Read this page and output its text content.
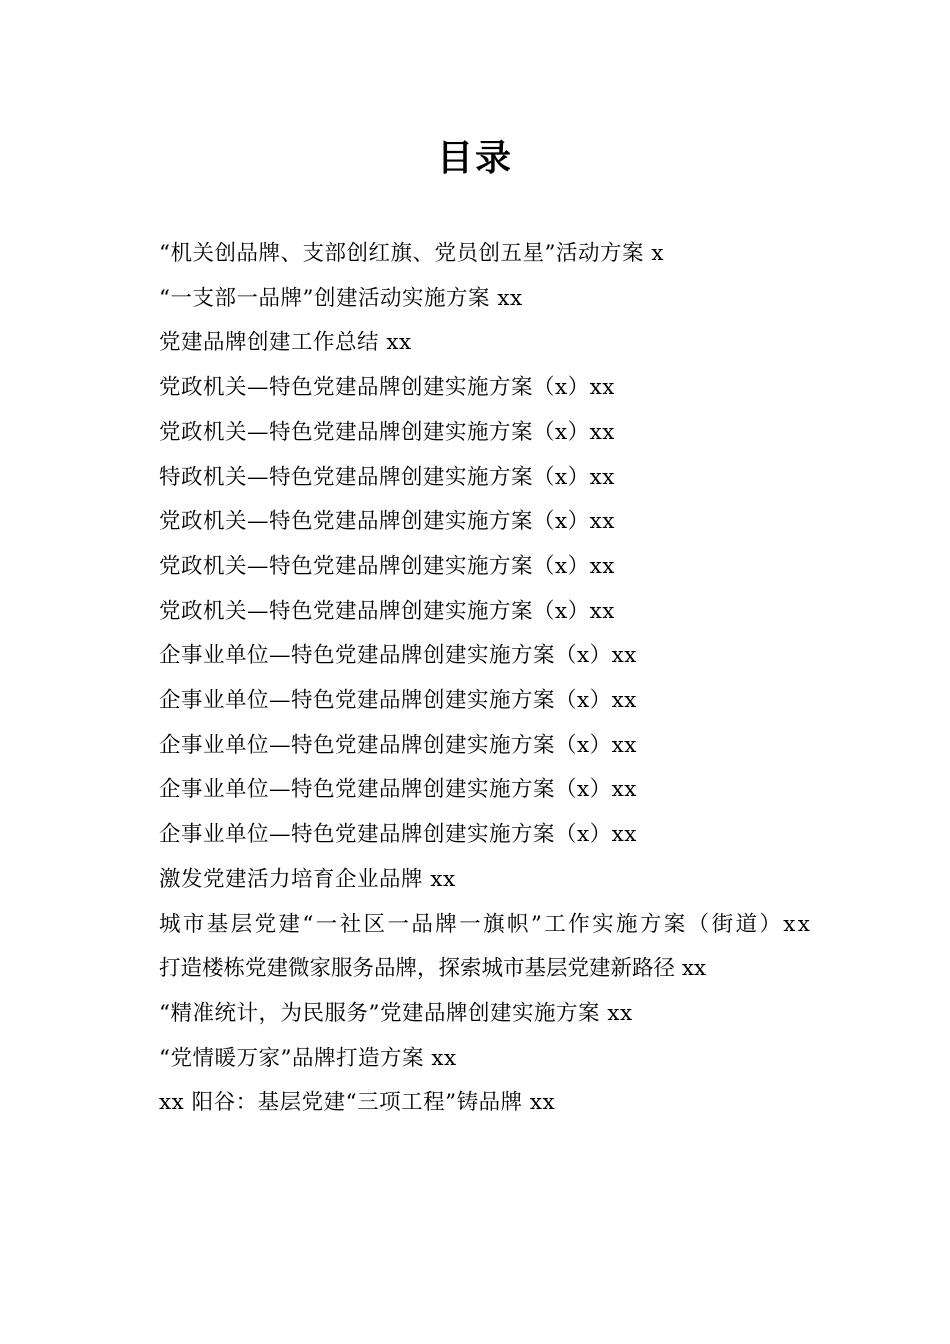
目录
“机关创品牌、支部创红旗、党员创五星”活动方案 x
“一支部一品牌”创建活动实施方案 xx
党建品牌创建工作总结 xx
党政机关—特色党建品牌创建实施方案（x）xx
党政机关—特色党建品牌创建实施方案（x）xx
特政机关—特色党建品牌创建实施方案（x）xx
党政机关—特色党建品牌创建实施方案（x）xx
党政机关—特色党建品牌创建实施方案（x）xx
党政机关—特色党建品牌创建实施方案（x）xx
企事业单位—特色党建品牌创建实施方案（x）xx
企事业单位—特色党建品牌创建实施方案（x）xx
企事业单位—特色党建品牌创建实施方案（x）xx
企事业单位—特色党建品牌创建实施方案（x）xx
企事业单位—特色党建品牌创建实施方案（x）xx
激发党建活力培育企业品牌 xx
城市基层党建“一社区一品牌一旗帜”工作实施方案（街道）xx
打造楼栋党建微家服务品牌，探索城市基层党建新路径 xx
“精准统计，为民服务”党建品牌创建实施方案 xx
“党情暖万家”品牌打造方案 xx
xx 阳谷：基层党建“三项工程”铸品牌 xx
